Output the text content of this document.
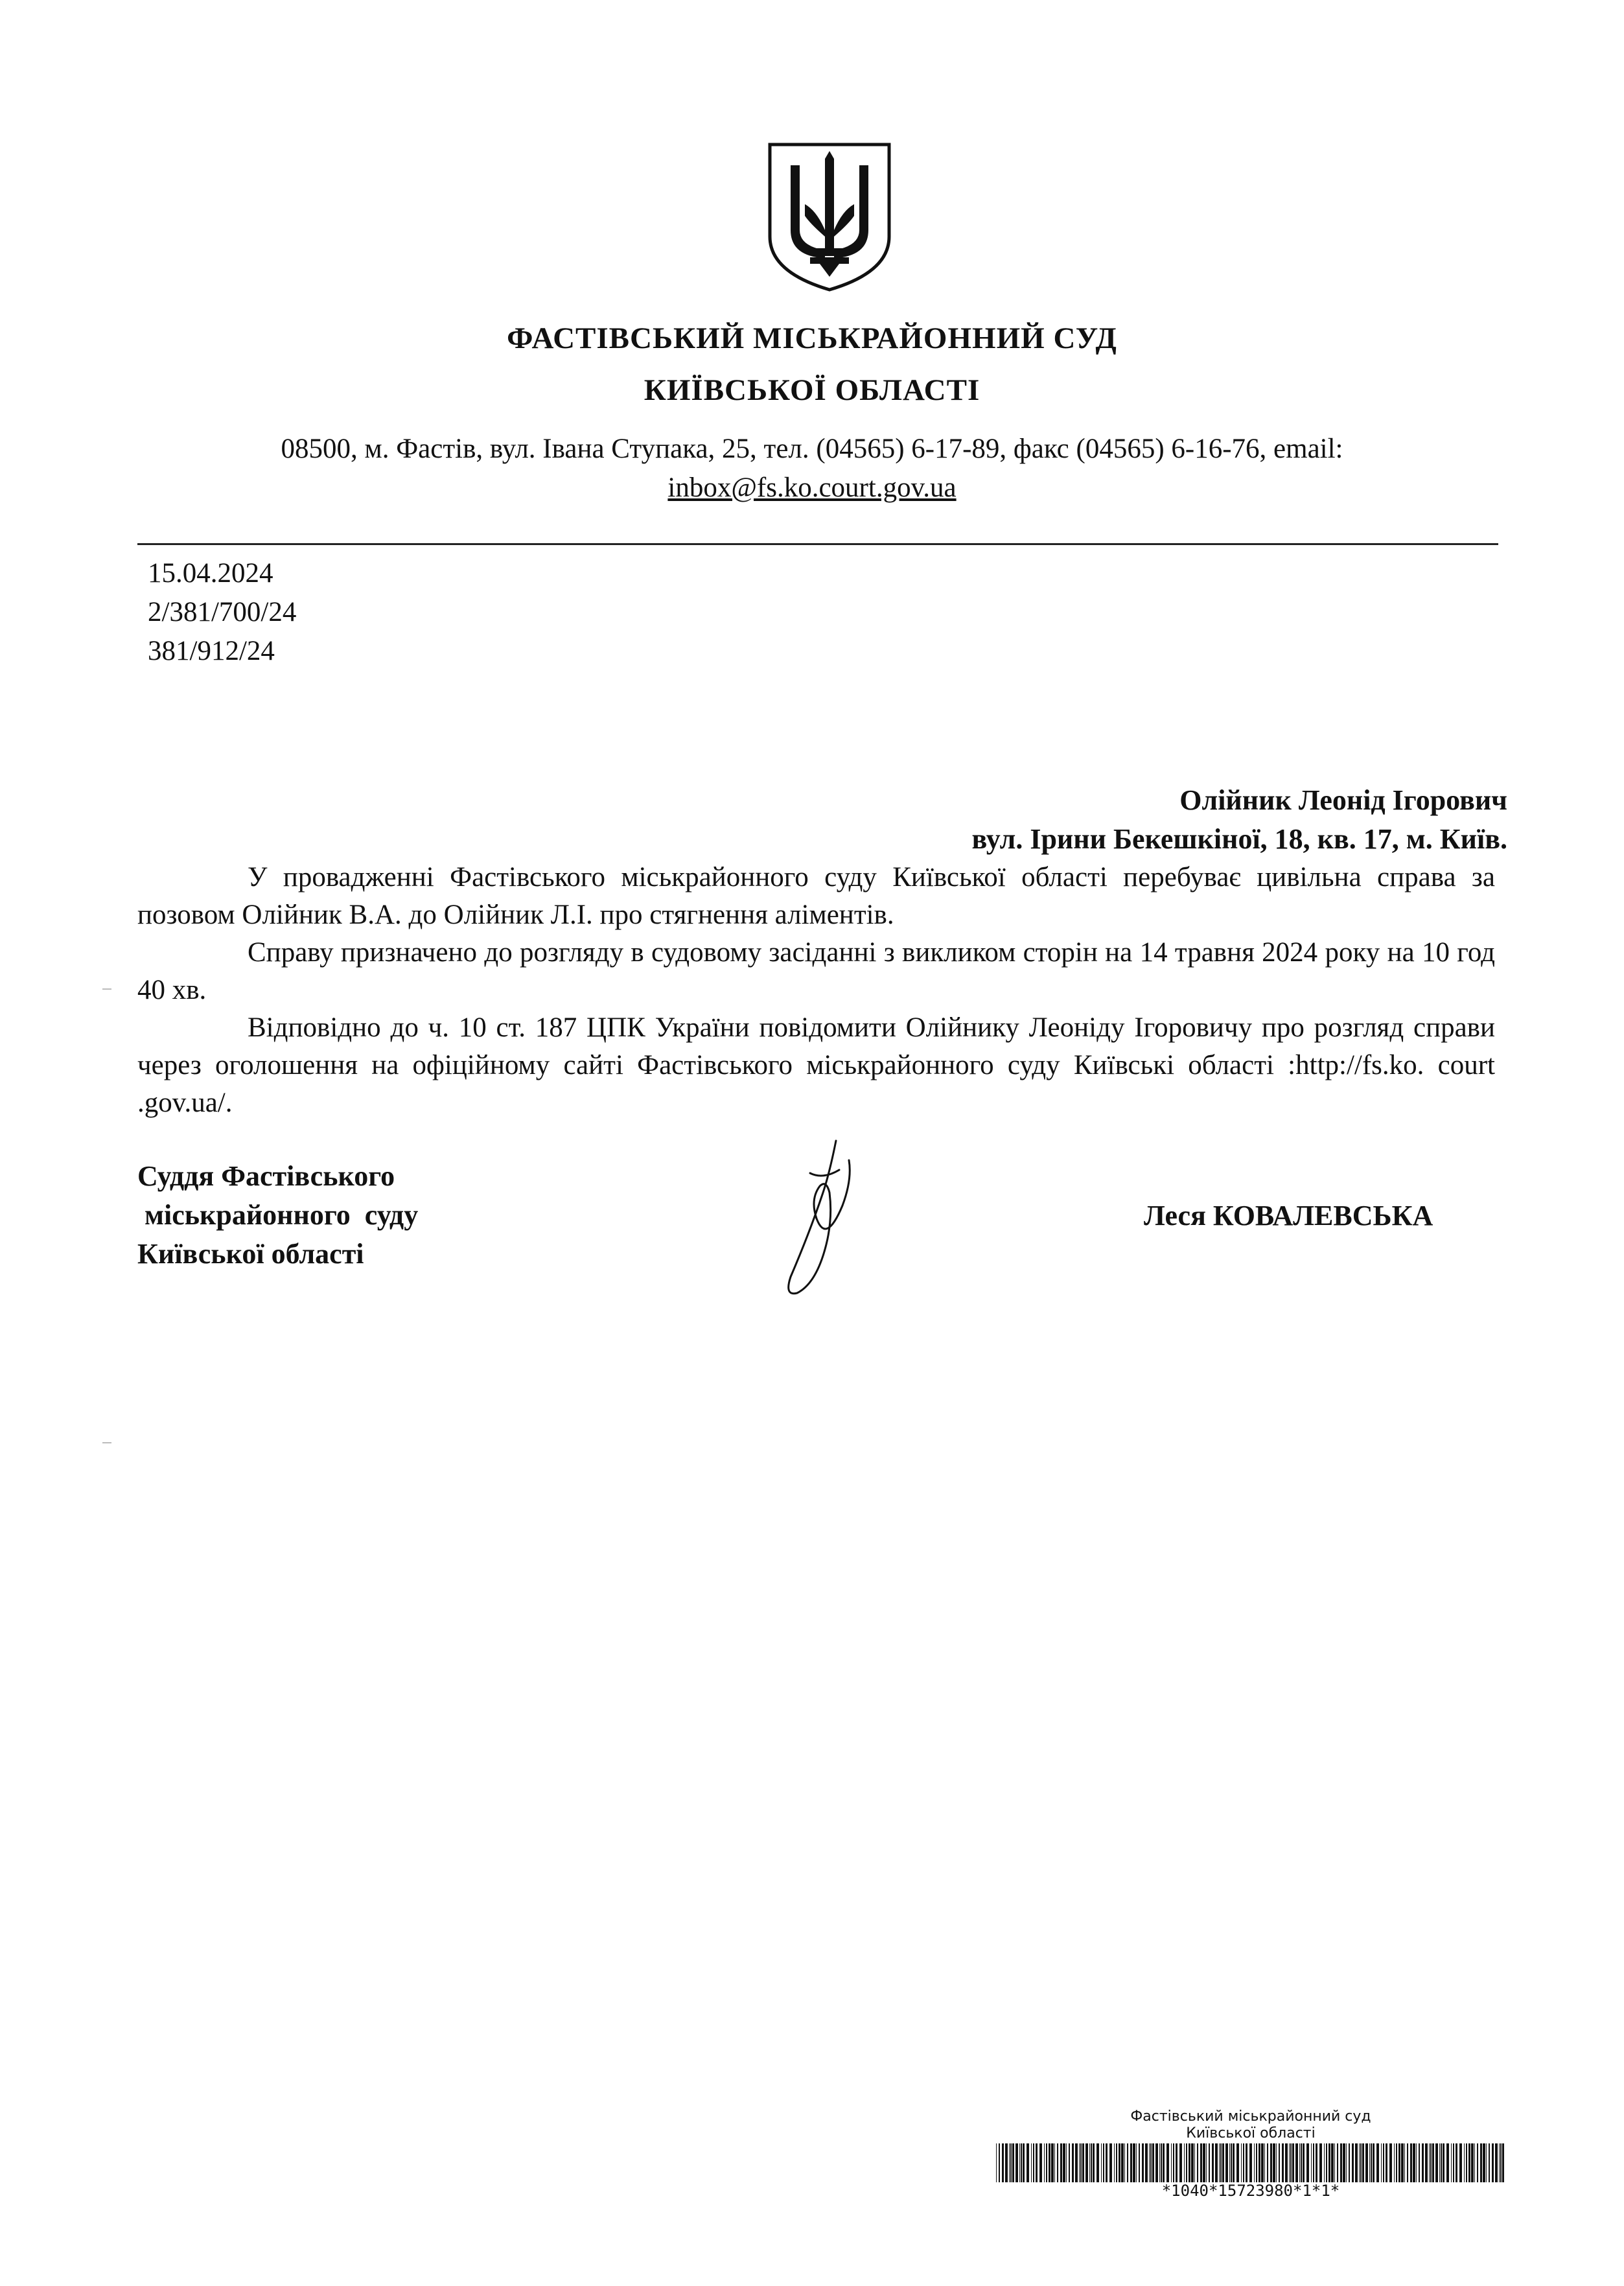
ФАСТІВСЬКИЙ МІСЬКРАЙОННИЙ СУД
КИЇВСЬКОЇ ОБЛАСТІ
08500, м. Фастів, вул. Івана Ступака, 25, тел. (04565) 6-17-89, факс (04565) 6-16-76, email:
inbox@fs.ko.court.gov.ua
15.04.2024
2/381/700/24
381/912/24
Олійник Леонід Ігорович
вул. Ірини Бекешкіної, 18, кв. 17, м. Київ.

У провадженні Фастівського міськрайонного суду Київської області перебуває цивільна справа за позовом Олійник В.А. до Олійник Л.І. про стягнення аліментів.

Справу призначено до розгляду в судовому засіданні з викликом сторін на 14 травня 2024 року на 10 год 40 хв.

Відповідно до ч. 10 ст. 187 ЦПК України повідомити Олійнику Леоніду Ігоровичу про розгляд справи через оголошення на офіційному сайті Фастівського міськрайонного суду Київські області :http://fs.ko. court .gov.ua/.

Суддя Фастівського
міськрайонного  суду
Київської області
Леся КОВАЛЕВСЬКА
Фастівський міськрайонний суд
Київської області
*1040*15723980*1*1*
